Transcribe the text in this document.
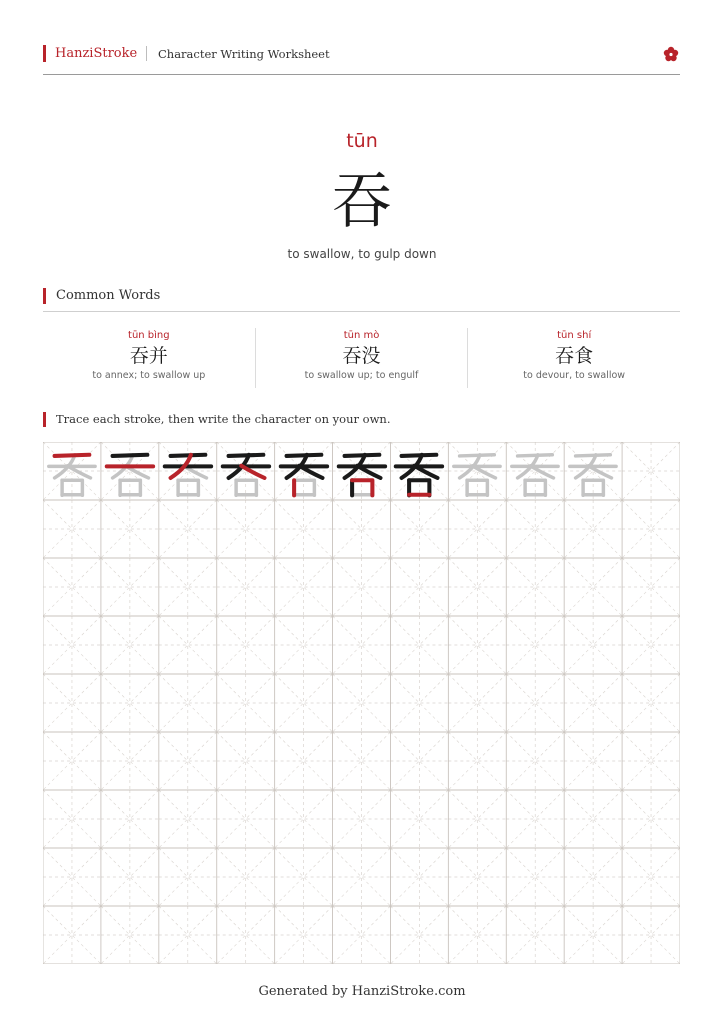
HanziStroke Character Writing Worksheet
tūn
吞
to swallow, to gulp down
Common Words
tūn bìng
吞并
to annex; to swallow up
tūn mò
吞没
to swallow up; to engulf
tūn shí
吞食
to devour, to swallow
Trace each stroke, then write the character on your own.
Generated by HanziStroke.com
